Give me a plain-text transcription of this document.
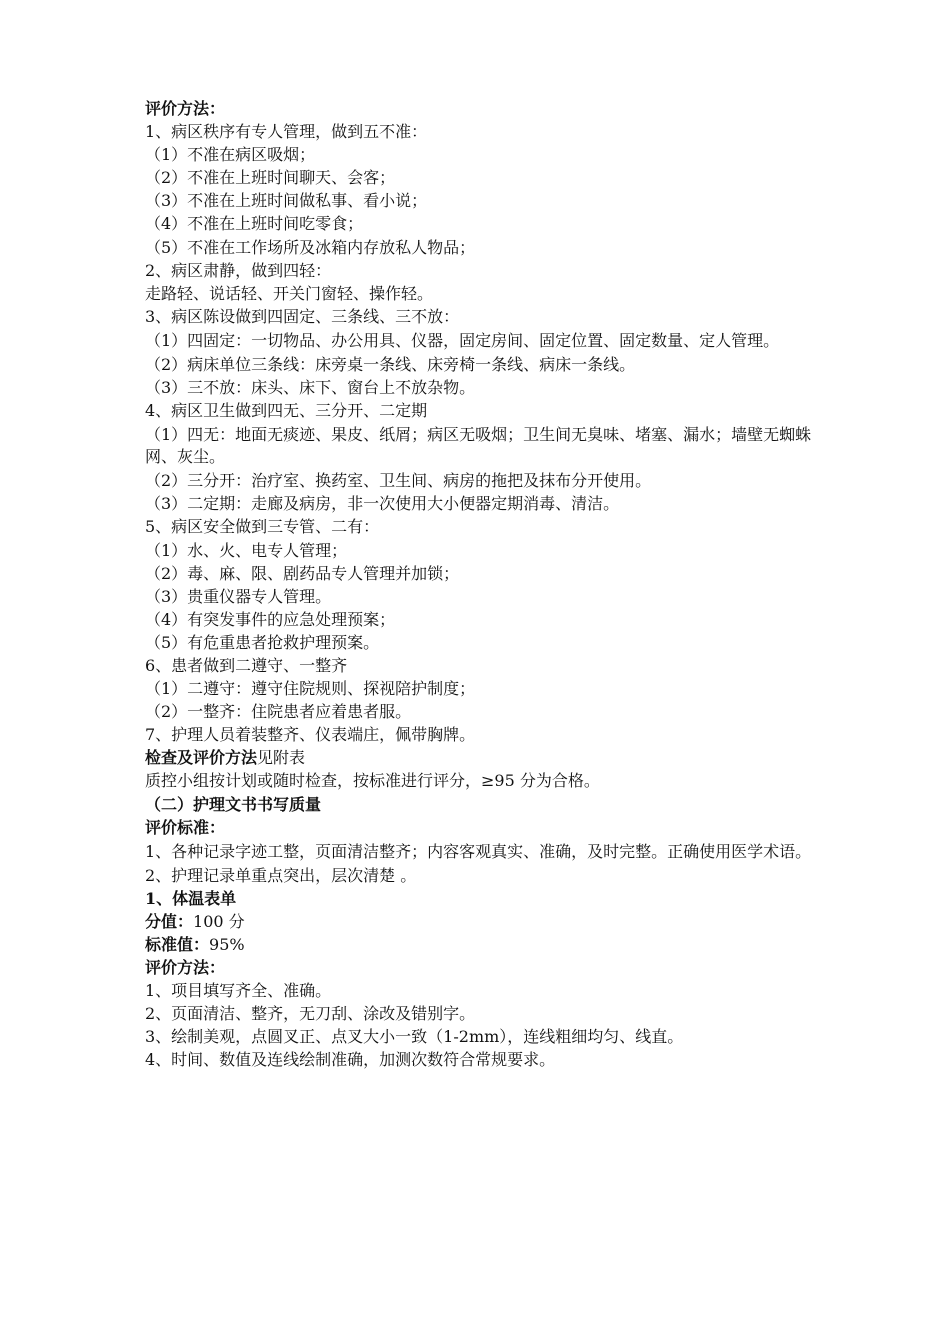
评价方法：
1、病区秩序有专人管理，做到五不准：
（1）不准在病区吸烟；
（2）不准在上班时间聊天、会客；
（3）不准在上班时间做私事、看小说；
（4）不准在上班时间吃零食；
（5）不准在工作场所及冰箱内存放私人物品；
2、病区肃静，做到四轻：
走路轻、说话轻、开关门窗轻、操作轻。
3、病区陈设做到四固定、三条线、三不放：
（1）四固定：一切物品、办公用具、仪器，固定房间、固定位置、固定数量、定人管理。
（2）病床单位三条线：床旁桌一条线、床旁椅一条线、病床一条线。
（3）三不放：床头、床下、窗台上不放杂物。
4、病区卫生做到四无、三分开、二定期
（1）四无：地面无痰迹、果皮、纸屑；病区无吸烟；卫生间无臭味、堵塞、漏水；墙壁无蜘蛛网、灰尘。
（2）三分开：治疗室、换药室、卫生间、病房的拖把及抹布分开使用。
（3）二定期：走廊及病房，非一次使用大小便器定期消毒、清洁。
5、病区安全做到三专管、二有：
（1）水、火、电专人管理；
（2）毒、麻、限、剧药品专人管理并加锁；
（3）贵重仪器专人管理。
（4）有突发事件的应急处理预案；
（5）有危重患者抢救护理预案。
6、患者做到二遵守、一整齐
（1）二遵守：遵守住院规则、探视陪护制度；
（2）一整齐：住院患者应着患者服。
7、护理人员着装整齐、仪表端庄，佩带胸牌。
检查及评价方法见附表
质控小组按计划或随时检查，按标准进行评分，≥95 分为合格。
（二）护理文书书写质量
评价标准：
1、各种记录字迹工整，页面清洁整齐；内容客观真实、准确，及时完整。正确使用医学术语。
2、护理记录单重点突出，层次清楚 。
1、体温表单
分值：100 分
标准值：95%
评价方法：
1、项目填写齐全、准确。
2、页面清洁、整齐，无刀刮、涂改及错别字。
3、绘制美观，点圆叉正、点叉大小一致（1-2mm），连线粗细均匀、线直。
4、时间、数值及连线绘制准确，加测次数符合常规要求。
